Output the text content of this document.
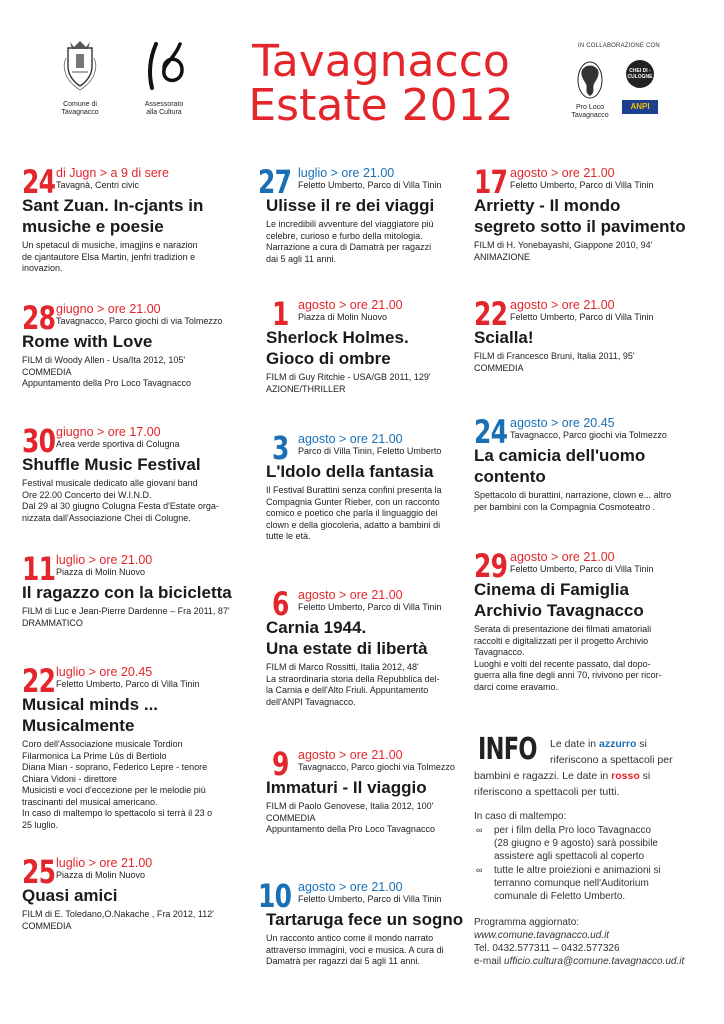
Comune di
Tavagnacco
Assessorato
alla Cultura
Tavagnacco
Estate 2012
IN COLLABORAZIONE CON
Pro Loco
Tavagnacco
CHEI DI - CULOGNE
ANPI
24 di Jugn > a 9 di sere
Tavagnà, Centri civic
Sant Zuan. In-cjants in
musiche e poesie
Un spetacul di musiche, imagjins e narazion
de cjantautore Elsa Martin, jenfri tradizion e
inovazion.
28 giugno > ore 21.00
Tavagnacco, Parco giochi di via Tolmezzo
Rome with Love
FILM di Woody Allen - Usa/Ita 2012, 105'
COMMEDIA
Appuntamento della Pro Loco Tavagnacco
30 giugno > ore 17.00
Area verde sportiva di Colugna
Shuffle Music Festival
Festival musicale dedicato alle giovani band
Ore 22.00 Concerto dei W.I.N.D.
Dal 29 al 30 giugno Colugna Festa d'Estate orga-
nizzata dall'Associazione Chei di Colugne.
11 luglio > ore 21.00
Piazza di Molin Nuovo
Il ragazzo con la bicicletta
FILM di Luc e Jean-Pierre Dardenne – Fra 2011, 87'
DRAMMATICO
22 luglio > ore 20.45
Feletto Umberto, Parco di Villa Tinin
Musical minds ...
Musicalmente
Coro dell'Associazione musicale Tordion
Filarmonica La Prime Lûs di Bertiolo
Diana Mian - soprano, Federico Lepre - tenore
Chiara Vidoni - direttore
Musicisti e voci d'eccezione per le melodie più
trascinanti del musical americano.
In caso di maltempo lo spettacolo si terrà il 23 o
25 luglio.
25 luglio > ore 21.00
Piazza di Molin Nuovo
Quasi amici
FILM di E. Toledano,O.Nakache , Fra 2012, 112'
COMMEDIA
27 luglio > ore 21.00
Feletto Umberto, Parco di Villa Tinin
Ulisse il re dei viaggi
Le incredibili avventure del viaggiatore più
celebre, curioso e furbo della mitologia.
Narrazione a cura di Damatrà per ragazzi
dai 5 agli 11 anni.
1 agosto > ore 21.00
Piazza di Molin Nuovo
Sherlock Holmes.
Gioco di ombre
FILM di Guy Ritchie - USA/GB 2011, 129'
AZIONE/THRILLER
3 agosto > ore 21.00
Parco di Villa Tinin, Feletto Umberto
L'Idolo della fantasia
Il Festival Burattini senza confini presenta la
Compagnia Gunter Rieber, con un racconto
comico e poetico che parla il linguaggio dei
clown e della giocoleria, adatto a bambini di
tutte le età.
6 agosto > ore 21.00
Feletto Umberto, Parco di Villa Tinin
Carnia 1944.
Una estate di libertà
FILM di Marco Rossitti, Italia 2012, 48'
La straordinaria storia della Repubblica del-
la Carnia e dell'Alto Friuli. Appuntamento
dell'ANPI Tavagnacco.
9 agosto > ore 21.00
Tavagnacco, Parco giochi via Tolmezzo
Immaturi - Il viaggio
FILM di Paolo Genovese, Italia 2012, 100'
COMMEDIA
Appuntamento della Pro Loco Tavagnacco
10 agosto > ore 21.00
Feletto Umberto, Parco di Villa Tinin
Tartaruga fece un sogno
Un racconto antico come il mondo narrato
attraverso immagini, voci e musica. A cura di
Damatrà per ragazzi dai 5 agli 11 anni.
17 agosto > ore 21.00
Feletto Umberto, Parco di Villa Tinin
Arrietty - Il mondo
segreto sotto il pavimento
FILM di H. Yonebayashi, Giappone 2010, 94'
ANIMAZIONE
22 agosto > ore 21.00
Feletto Umberto, Parco di Villa Tinin
Scialla!
FILM di Francesco Bruni, Italia 2011, 95'
COMMEDIA
24 agosto > ore 20.45
Tavagnacco, Parco giochi via Tolmezzo
La camicia dell'uomo
contento
Spettacolo di burattini, narrazione, clown e... altro
per bambini con la Compagnia Cosmoteatro .
29 agosto > ore 21.00
Feletto Umberto, Parco di Villa Tinin
Cinema di Famiglia
Archivio Tavagnacco
Serata di presentazione dei filmati amatoriali
raccolti e digitalizzati per il progetto Archivio
Tavagnacco.
Luoghi e volti del recente passato, dal dopo-
guerra alla fine degli anni 70, rivivono per ricor-
darci come eravamo.
INFO Le date in azzurro si
riferiscono a spettacoli per
bambini e ragazzi. Le date in rosso si
riferiscono a spettacoli per tutti.
In caso di maltempo:
∞ per i film della Pro loco Tavagnacco
(28 giugno e 9 agosto) sarà possibile
assistere agli spettacoli al coperto
∞ tutte le altre proiezioni e animazioni si
terranno comunque nell'Auditorium
comunale di Feletto Umberto.
Programma aggiornato:
www.comune.tavagnacco.ud.it
Tel. 0432.577311 – 0432.577326
e-mail ufficio.cultura@comune.tavagnacco.ud.it
